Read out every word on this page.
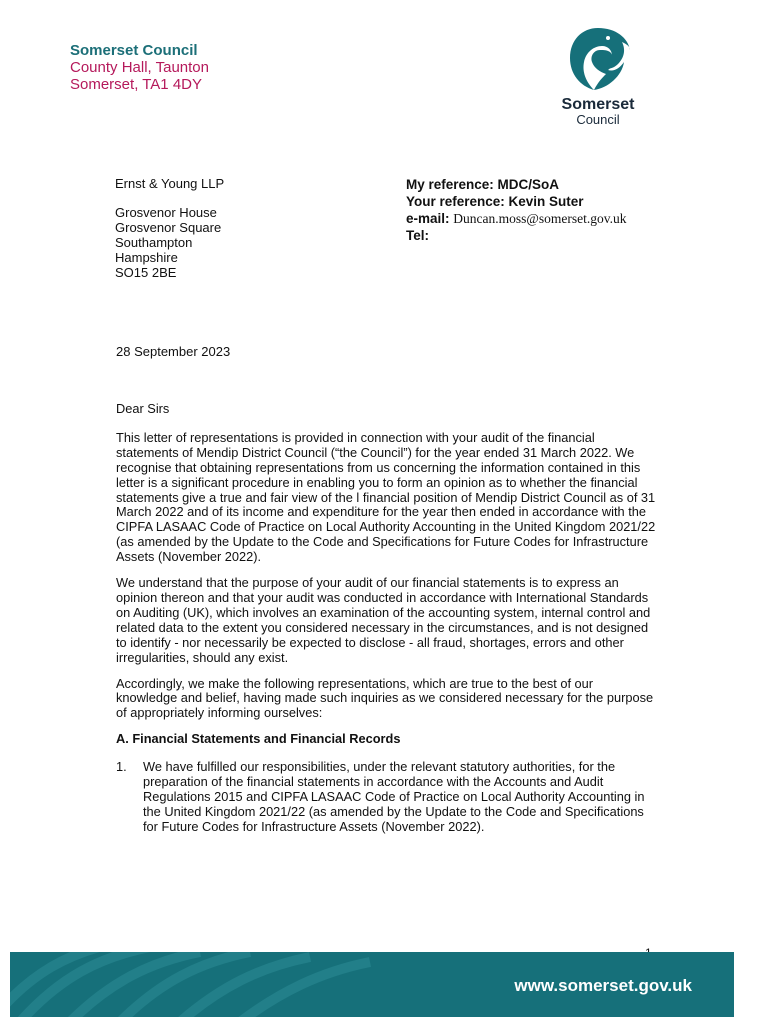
Somerset Council
County Hall, Taunton
Somerset, TA1 4DY
Somerset
Council
Ernst & Young LLP
Grosvenor House
Grosvenor Square
Southampton
Hampshire
SO15 2BE
My reference: MDC/SoA
Your reference: Kevin Suter
e-mail: Duncan.moss@somerset.gov.uk
Tel:
28 September 2023

Dear Sirs

This letter of representations is provided in connection with your audit of the financial statements of Mendip District Council (“the Council”) for the year ended 31 March 2022. We recognise that obtaining representations from us concerning the information contained in this letter is a significant procedure in enabling you to form an opinion as to whether the financial statements give a true and fair view of the l financial position of Mendip District Council as of 31 March 2022 and of its income and expenditure for the year then ended in accordance with the CIPFA LASAAC Code of Practice on Local Authority Accounting in the United Kingdom 2021/22 (as amended by the Update to the Code and Specifications for Future Codes for Infrastructure Assets (November 2022).

We understand that the purpose of your audit of our financial statements is to express an opinion thereon and that your audit was conducted in accordance with International Standards on Auditing (UK), which involves an examination of the accounting system, internal control and related data to the extent you considered necessary in the circumstances, and is not designed to identify - nor necessarily be expected to disclose - all fraud, shortages, errors and other irregularities, should any exist.

Accordingly, we make the following representations, which are true to the best of our knowledge and belief, having made such inquiries as we considered necessary for the purpose of appropriately informing ourselves:

A. Financial Statements and Financial Records
1.	We have fulfilled our responsibilities, under the relevant statutory authorities, for the preparation of the financial statements in accordance with the Accounts and Audit Regulations 2015 and CIPFA LASAAC Code of Practice on Local Authority Accounting in the United Kingdom 2021/22 (as amended by the Update to the Code and Specifications for Future Codes for Infrastructure Assets (November 2022).
www.somerset.gov.uk
